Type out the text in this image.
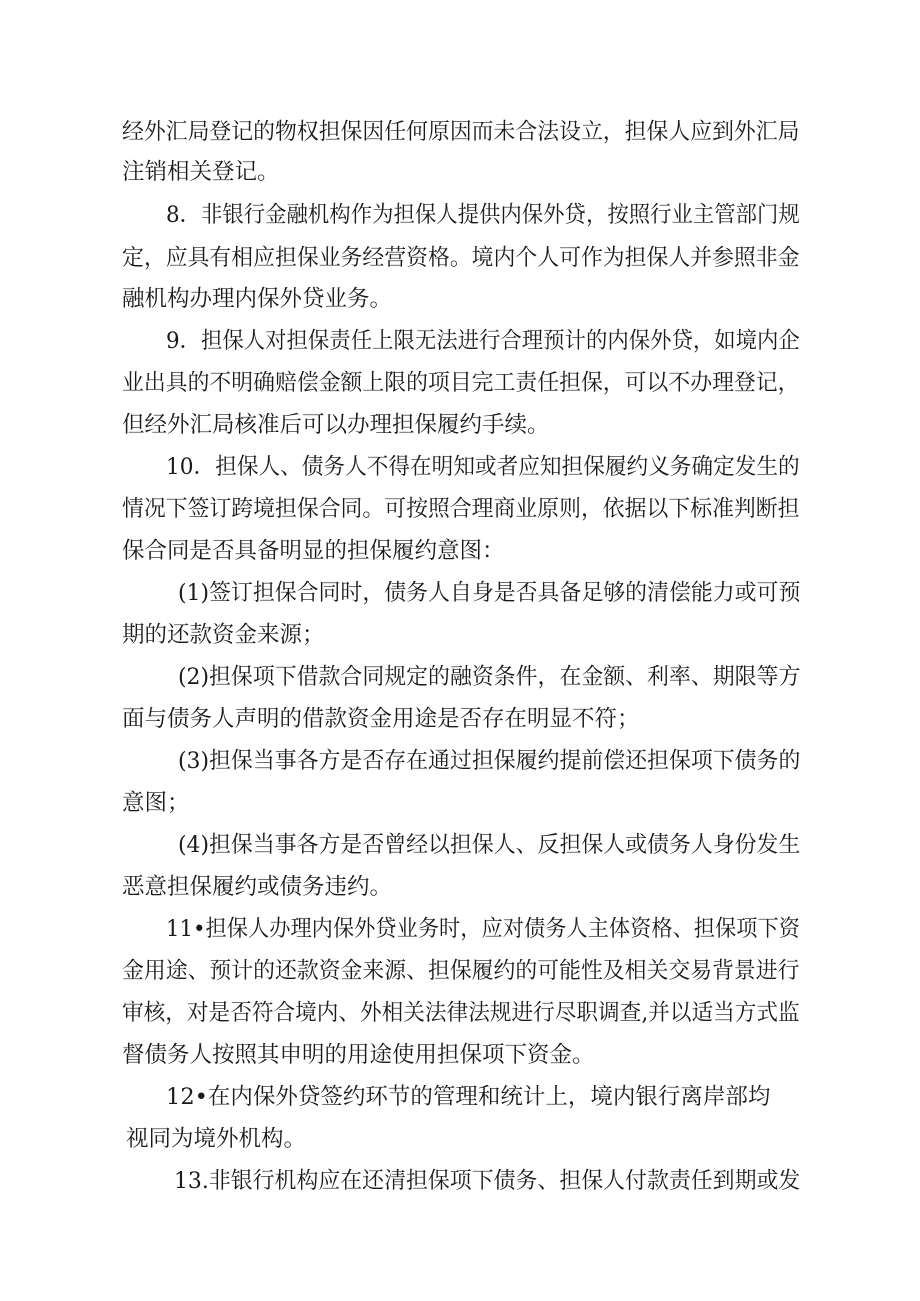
经外汇局登记的物权担保因任何原因而未合法设立，担保人应到外汇局
注销相关登记。
8．非银行金融机构作为担保人提供内保外贷，按照行业主管部门规
定，应具有相应担保业务经营资格。境内个人可作为担保人并参照非金
融机构办理内保外贷业务。
9．担保人对担保责任上限无法进行合理预计的内保外贷，如境内企
业出具的不明确赔偿金额上限的项目完工责任担保，可以不办理登记，
但经外汇局核准后可以办理担保履约手续。
10．担保人、债务人不得在明知或者应知担保履约义务确定发生的
情况下签订跨境担保合同。可按照合理商业原则，依据以下标准判断担
保合同是否具备明显的担保履约意图：
(1)签订担保合同时，债务人自身是否具备足够的清偿能力或可预
期的还款资金来源；
(2)担保项下借款合同规定的融资条件，在金额、利率、期限等方
面与债务人声明的借款资金用途是否存在明显不符；
(3)担保当事各方是否存在通过担保履约提前偿还担保项下债务的
意图；
(4)担保当事各方是否曾经以担保人、反担保人或债务人身份发生
恶意担保履约或债务违约。
11•担保人办理内保外贷业务时，应对债务人主体资格、担保项下资
金用途、预计的还款资金来源、担保履约的可能性及相关交易背景进行
审核，对是否符合境内、外相关法律法规进行尽职调查,并以适当方式监
督债务人按照其申明的用途使用担保项下资金。
12•在内保外贷签约环节的管理和统计上，境内银行离岸部均
视同为境外机构。
13.非银行机构应在还清担保项下债务、担保人付款责任到期或发
